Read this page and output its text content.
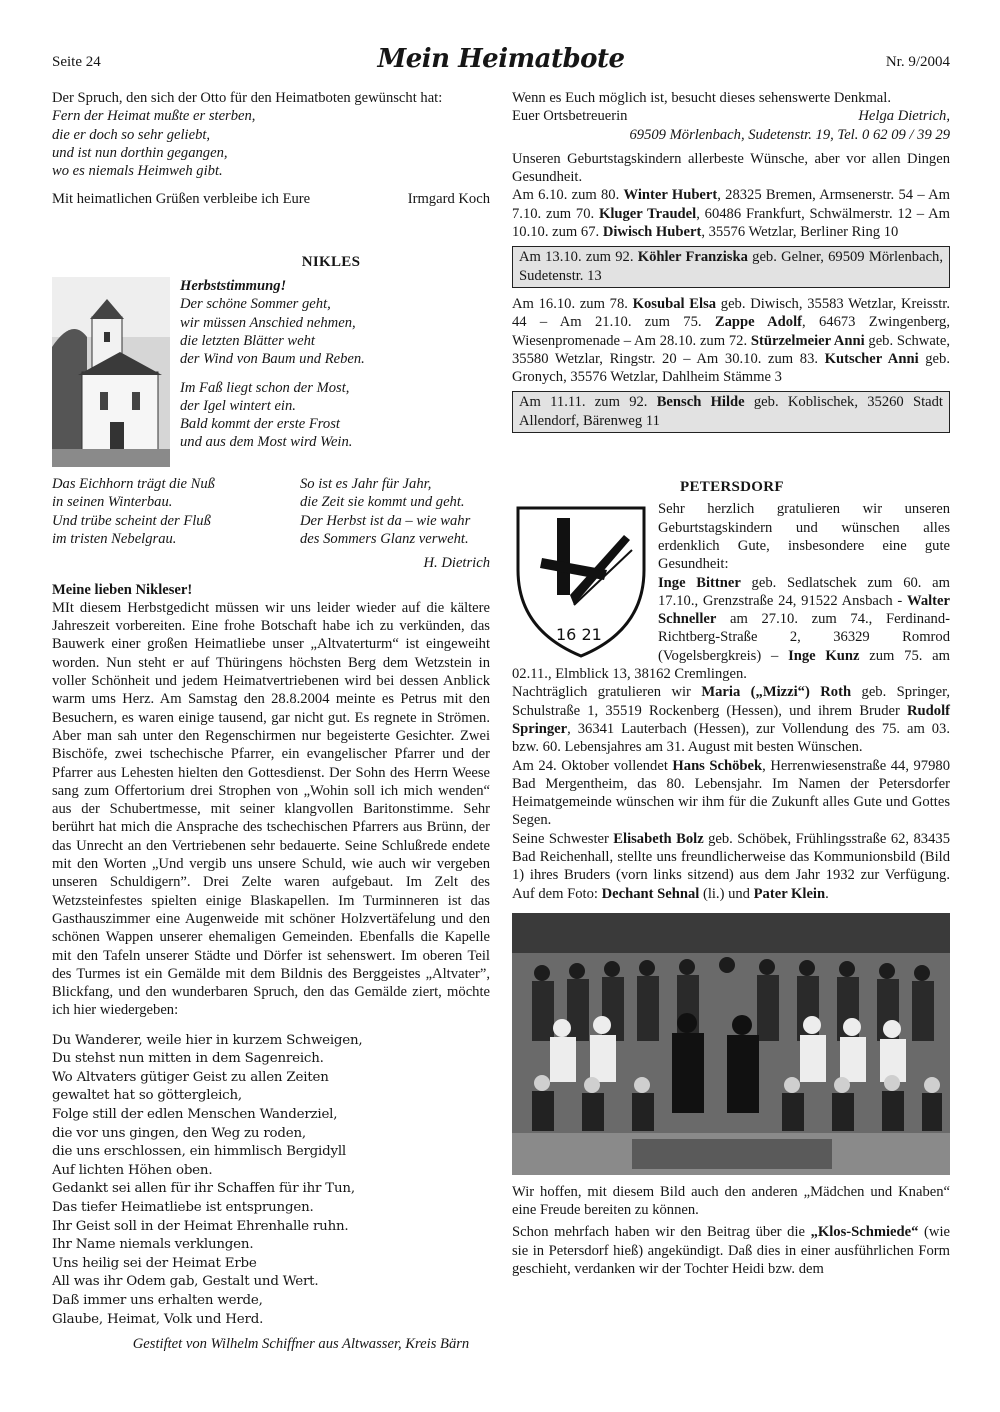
Seite 24	Mein Heimatbote	Nr. 9/2004

Der Spruch, den sich der Otto für den Heimatboten gewünscht hat:

Fern der Heimat mußte er sterben,
die er doch so sehr geliebt,
und ist nun dorthin gegangen,
wo es niemals Heimweh gibt.
Mit heimatlichen Grüßen verbleibe ich Eure	Irmgard Koch
NIKLES
Herbststimmung!
Der schöne Sommer geht,
wir müssen Anschied nehmen,
die letzten Blätter weht
der Wind von Baum und Reben.
Im Faß liegt schon der Most,
der Igel wintert ein.
Bald kommt der erste Frost
und aus dem Most wird Wein.
Das Eichhorn trägt die Nuß
in seinen Winterbau.
Und trübe scheint der Fluß
im tristen Nebelgrau.
So ist es Jahr für Jahr,
die Zeit sie kommt und geht.
Der Herbst ist da – wie wahr
des Sommers Glanz verweht.
H. Dietrich
Meine lieben Nikleser!

MIt diesem Herbstgedicht müssen wir uns leider wieder auf die kältere Jahreszeit vorbereiten. Eine frohe Botschaft habe ich zu verkünden, das Bauwerk einer großen Heimatliebe unser „Altvaterturm“ ist eingeweiht worden. Nun steht er auf Thüringens höchsten Berg dem Wetzstein in voller Schönheit und jedem Heimatvertriebenen wird bei dessen Anblick warm ums Herz. Am Samstag den 28.8.2004 meinte es Petrus mit den Besuchern, es waren einige tausend, gar nicht gut. Es regnete in Strömen. Aber man sah unter den Regenschirmen nur begeisterte Gesichter. Zwei Bischöfe, zwei tschechische Pfarrer, ein evangelischer Pfarrer und der Pfarrer aus Lehesten hielten den Gottesdienst. Der Sohn des Herrn Weese sang zum Offertorium drei Strophen von „Wohin soll ich mich wenden“ aus der Schubertmesse, mit seiner klangvollen Baritonstimme. Sehr berührt hat mich die Ansprache des tschechischen Pfarrers aus Brünn, der das Unrecht an den Vertriebenen sehr bedauerte. Seine Schlußrede endete mit den Worten „Und vergib uns unsere Schuld, wie auch wir vergeben unseren Schuldigern”. Drei Zelte waren aufgebaut. Im Zelt des Wetzsteinfestes spielten einige Blaskapellen. Im Turminneren ist das Gasthauszimmer eine Augenweide mit schöner Holzvertäfelung und den schönen Wappen unserer ehemaligen Gemeinden. Ebenfalls die Kapelle mit den Tafeln unserer Städte und Dörfer ist sehenswert. Im oberen Teil des Turmes ist ein Gemälde mit dem Bildnis des Berggeistes „Altvater”, Blickfang, und den wunderbaren Spruch, den das Gemälde ziert, möchte ich hier wiedergeben:

Du Wanderer, weile hier in kurzem Schweigen,
Du stehst nun mitten in dem Sagenreich.
Wo Altvaters gütiger Geist zu allen Zeiten
gewaltet hat so göttergleich,
Folge still der edlen Menschen Wanderziel,
die vor uns gingen, den Weg zu roden,
die uns erschlossen, ein himmlisch Bergidyll
Auf lichten Höhen oben.
Gedankt sei allen für ihr Schaffen für ihr Tun,
Das tiefer Heimatliebe ist entsprungen.
Ihr Geist soll in der Heimat Ehrenhalle ruhn.
Ihr Name niemals verklungen.
Uns heilig sei der Heimat Erbe
All was ihr Odem gab, Gestalt und Wert.
Daß immer uns erhalten werde,
Glaube, Heimat, Volk und Herd.
Gestiftet von Wilhelm Schiffner aus Altwasser, Kreis Bärn

Wenn es Euch möglich ist, besucht dieses sehenswerte Denkmal.

Euer Ortsbetreuerin	Helga Dietrich,
69509 Mörlenbach, Sudetenstr. 19, Tel. 0 62 09 / 39 29

Unseren Geburtstagskindern allerbeste Wünsche, aber vor allen Dingen Gesundheit.

Am 6.10. zum 80. Winter Hubert, 28325 Bremen, Armsenerstr. 54 – Am 7.10. zum 70. Kluger Traudel, 60486 Frankfurt, Schwälmerstr. 12 – Am 10.10. zum 67. Diwisch Hubert, 35576 Wetzlar, Berliner Ring 10

Am 13.10. zum 92. Köhler Franziska geb. Gelner, 69509 Mörlenbach, Sudetenstr. 13

Am 16.10. zum 78. Kosubal Elsa geb. Diwisch, 35583 Wetzlar, Kreisstr. 44 – Am 21.10. zum 75. Zappe Adolf, 64673 Zwingenberg, Wiesenpromenade – Am 28.10. zum 72. Stürzelmeier Anni geb. Schwate, 35580 Wetzlar, Ringstr. 20 – Am 30.10. zum 83. Kutscher Anni geb. Gronych, 35576 Wetzlar, Dahlheim Stämme 3

Am 11.11. zum 92. Bensch Hilde geb. Koblischek, 35260 Stadt Allendorf, Bärenweg 11

PETERSDORF
16 21

Sehr herzlich gratulieren wir unseren Geburtstagskindern und wünschen alles erdenklich Gute, insbesondere eine gute Gesundheit:

Inge Bittner geb. Sedlatschek zum 60. am 17.10., Grenzstraße 24, 91522 Ansbach - Walter Schneller am 27.10. zum 74., Ferdinand-Richtberg-Straße 2, 36329 Romrod (Vogelsbergkreis) – Inge Kunz zum 75. am 02.11., Elmblick 13, 38162 Cremlingen.

Nachträglich gratulieren wir Maria („Mizzi“) Roth geb. Springer, Schulstraße 1, 35519 Rockenberg (Hessen), und ihrem Bruder Rudolf Springer, 36341 Lauterbach (Hessen), zur Vollendung des 75. am 03. bzw. 60. Lebensjahres am 31. August mit besten Wünschen.

Am 24. Oktober vollendet Hans Schöbek, Herrenwiesenstraße 44, 97980 Bad Mergentheim, das 80. Lebensjahr. Im Namen der Petersdorfer Heimatgemeinde wünschen wir ihm für die Zukunft alles Gute und Gottes Segen.

Seine Schwester Elisabeth Bolz geb. Schöbek, Frühlingsstraße 62, 83435 Bad Reichenhall, stellte uns freundlicherweise das Kommunionsbild (Bild 1) ihres Bruders (vorn links sitzend) aus dem Jahr 1932 zur Verfügung. Auf dem Foto: Dechant Sehnal (li.) und Pater Klein.

Wir hoffen, mit diesem Bild auch den anderen „Mädchen und Knaben“ eine Freude bereiten zu können.

Schon mehrfach haben wir den Beitrag über die „Klos-Schmiede“ (wie sie in Petersdorf hieß) angekündigt. Daß dies in einer ausführlichen Form geschieht, verdanken wir der Tochter Heidi bzw. dem
